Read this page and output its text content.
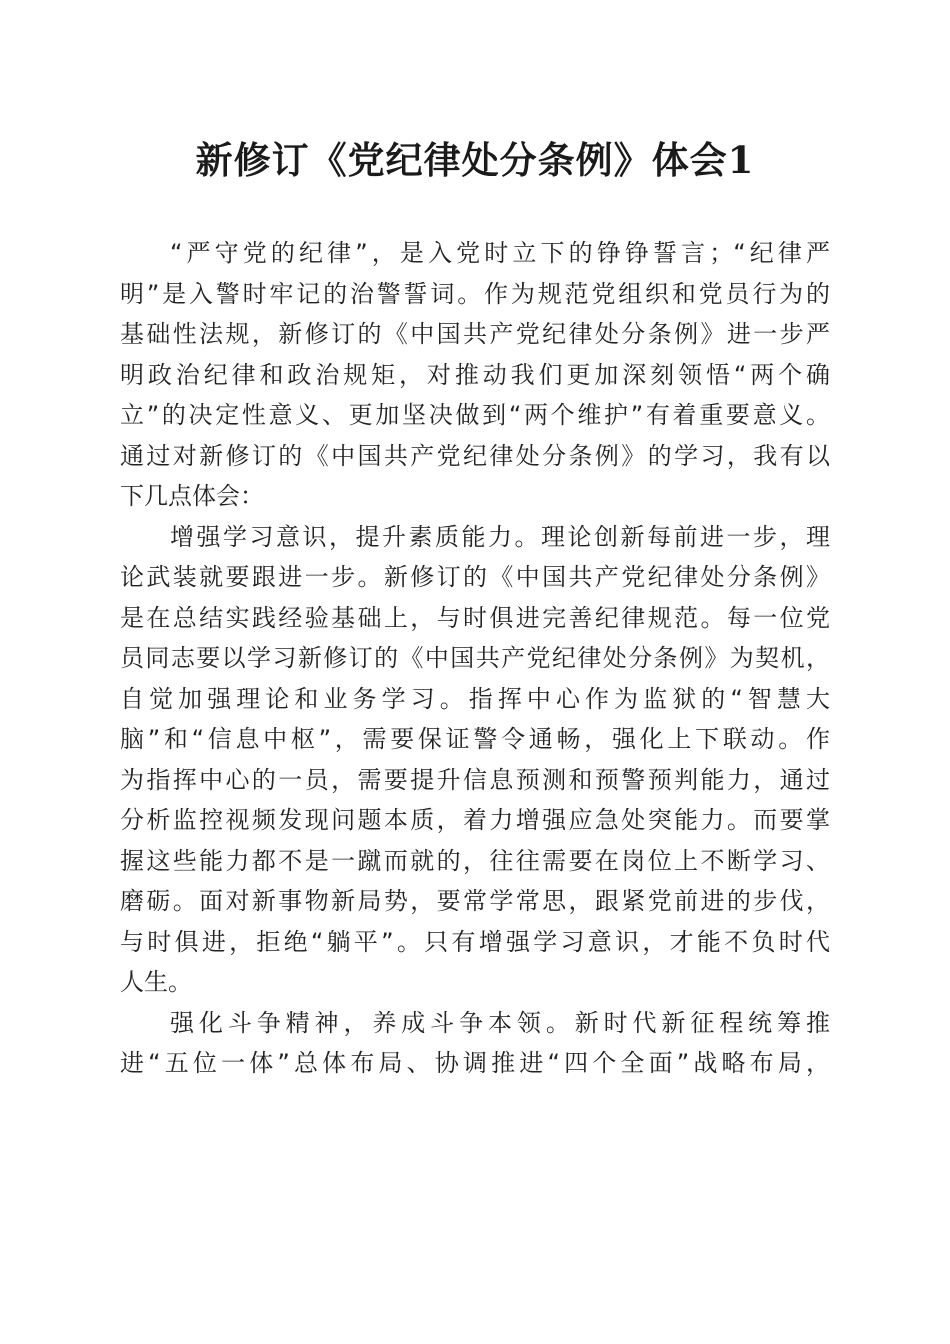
新修订《党纪律处分条例》体会1
“严守党的纪律”，是入党时立下的铮铮誓言；“纪律严
明”是入警时牢记的治警誓词。作为规范党组织和党员行为的
基础性法规，新修订的《中国共产党纪律处分条例》进一步严
明政治纪律和政治规矩，对推动我们更加深刻领悟“两个确
立”的决定性意义、更加坚决做到“两个维护”有着重要意义。
通过对新修订的《中国共产党纪律处分条例》的学习，我有以
下几点体会：
增强学习意识，提升素质能力。理论创新每前进一步，理
论武装就要跟进一步。新修订的《中国共产党纪律处分条例》
是在总结实践经验基础上，与时俱进完善纪律规范。每一位党
员同志要以学习新修订的《中国共产党纪律处分条例》为契机，
自觉加强理论和业务学习。指挥中心作为监狱的“智慧大
脑”和“信息中枢”，需要保证警令通畅，强化上下联动。作
为指挥中心的一员，需要提升信息预测和预警预判能力，通过
分析监控视频发现问题本质，着力增强应急处突能力。而要掌
握这些能力都不是一蹴而就的，往往需要在岗位上不断学习、
磨砺。面对新事物新局势，要常学常思，跟紧党前进的步伐，
与时俱进，拒绝“躺平”。只有增强学习意识，才能不负时代
人生。
强化斗争精神，养成斗争本领。新时代新征程统筹推
进“五位一体”总体布局、协调推进“四个全面”战略布局，
